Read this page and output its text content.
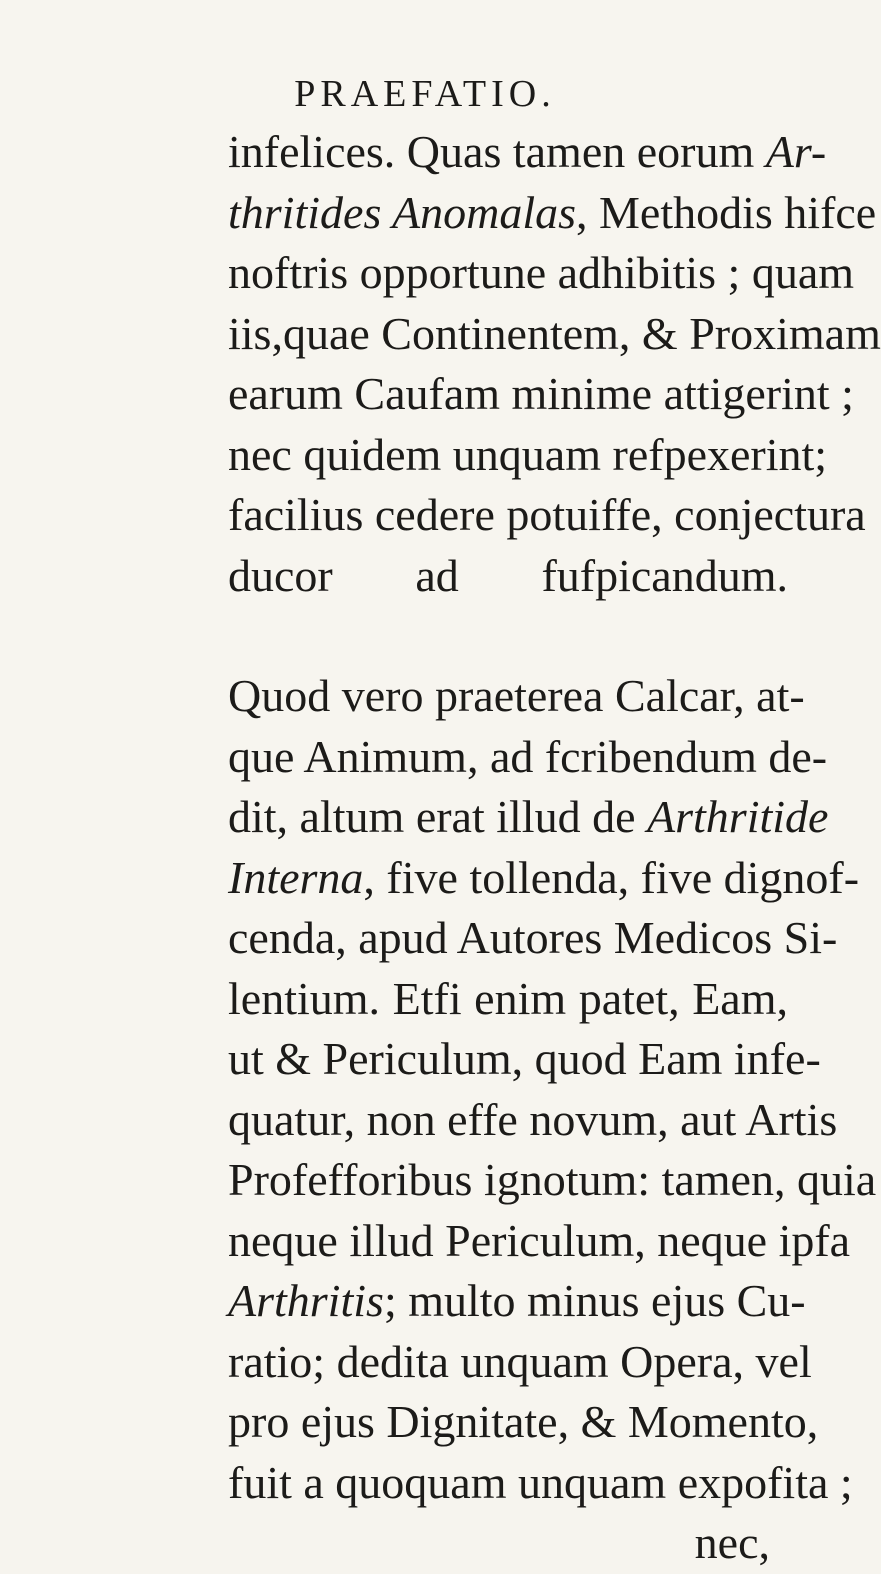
PRAEFATIO.
infelices. Quas tamen eorum Ar-
thritides Anomalas, Methodis hifce
noftris opportune adhibitis ; quam
iis,quae Continentem, & Proximam
earum Caufam minime attigerint ;
nec quidem unquam refpexerint;
facilius cedere potuiffe, conjectura
ducor ad fufpicandum.
Quod vero praeterea Calcar, at-
que Animum, ad fcribendum de-
dit, altum erat illud de Arthritide
Interna, five tollenda, five dignof-
cenda, apud Autores Medicos Si-
lentium. Etfi enim patet, Eam,
ut & Periculum, quod Eam infe-
quatur, non effe novum, aut Artis
Profefforibus ignotum: tamen, quia
neque illud Periculum, neque ipfa
Arthritis; multo minus ejus Cu-
ratio; dedita unquam Opera, vel
pro ejus Dignitate, & Momento,
fuit a quoquam unquam expofita ;
nec,
